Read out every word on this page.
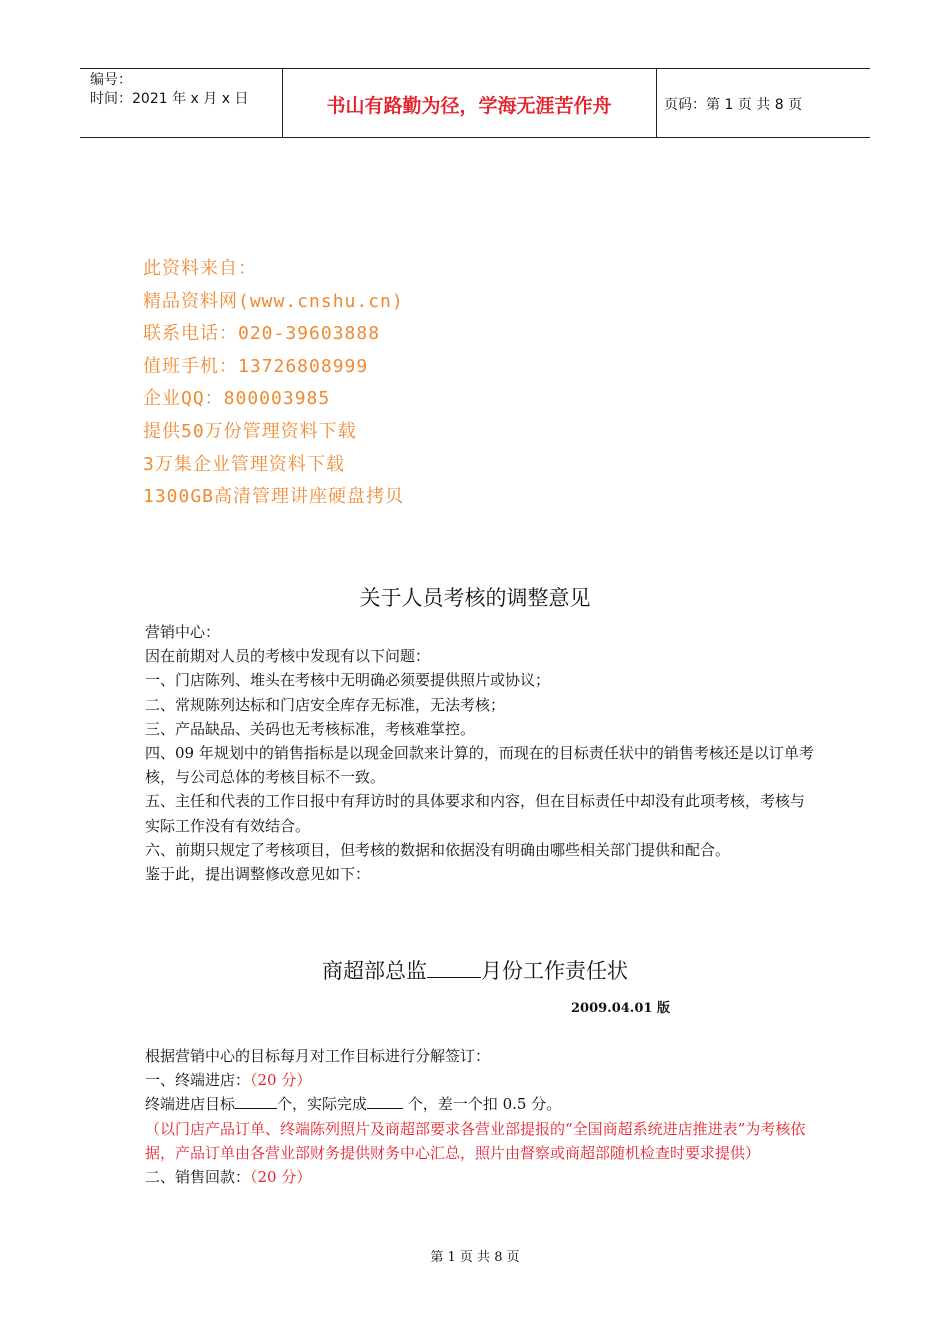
编号：
时间：2021 年 x 月 x 日	书山有路勤为径，学海无涯苦作舟	页码：第 1 页 共 8 页
此资料来自：
精品资料网(www.cnshu.cn)
联系电话：020-39603888
值班手机：13726808999
企业QQ：800003985
提供50万份管理资料下载
3万集企业管理资料下载
1300GB高清管理讲座硬盘拷贝
关于人员考核的调整意见
营销中心：
因在前期对人员的考核中发现有以下问题：
一、门店陈列、堆头在考核中无明确必须要提供照片或协议；
二、常规陈列达标和门店安全库存无标准，无法考核；
三、产品缺品、关码也无考核标准，考核难掌控。
四、09 年规划中的销售指标是以现金回款来计算的，而现在的目标责任状中的销售考核还是以订单考核，与公司总体的考核目标不一致。
五、主任和代表的工作日报中有拜访时的具体要求和内容，但在目标责任中却没有此项考核，考核与实际工作没有有效结合。
六、前期只规定了考核项目，但考核的数据和依据没有明确由哪些相关部门提供和配合。
鉴于此，提出调整修改意见如下：
商超部总监	月份工作责任状
2009.04.01 版
根据营销中心的目标每月对工作目标进行分解签订：
一、终端进店：（20 分）
终端进店目标	个，实际完成 个，差一个扣 0.5 分。
（以门店产品订单、终端陈列照片及商超部要求各营业部提报的“全国商超系统进店推进表”为考核依据，产品订单由各营业部财务提供财务中心汇总，照片由督察或商超部随机检查时要求提供）
二、销售回款：（20 分）
第 1 页 共 8 页
